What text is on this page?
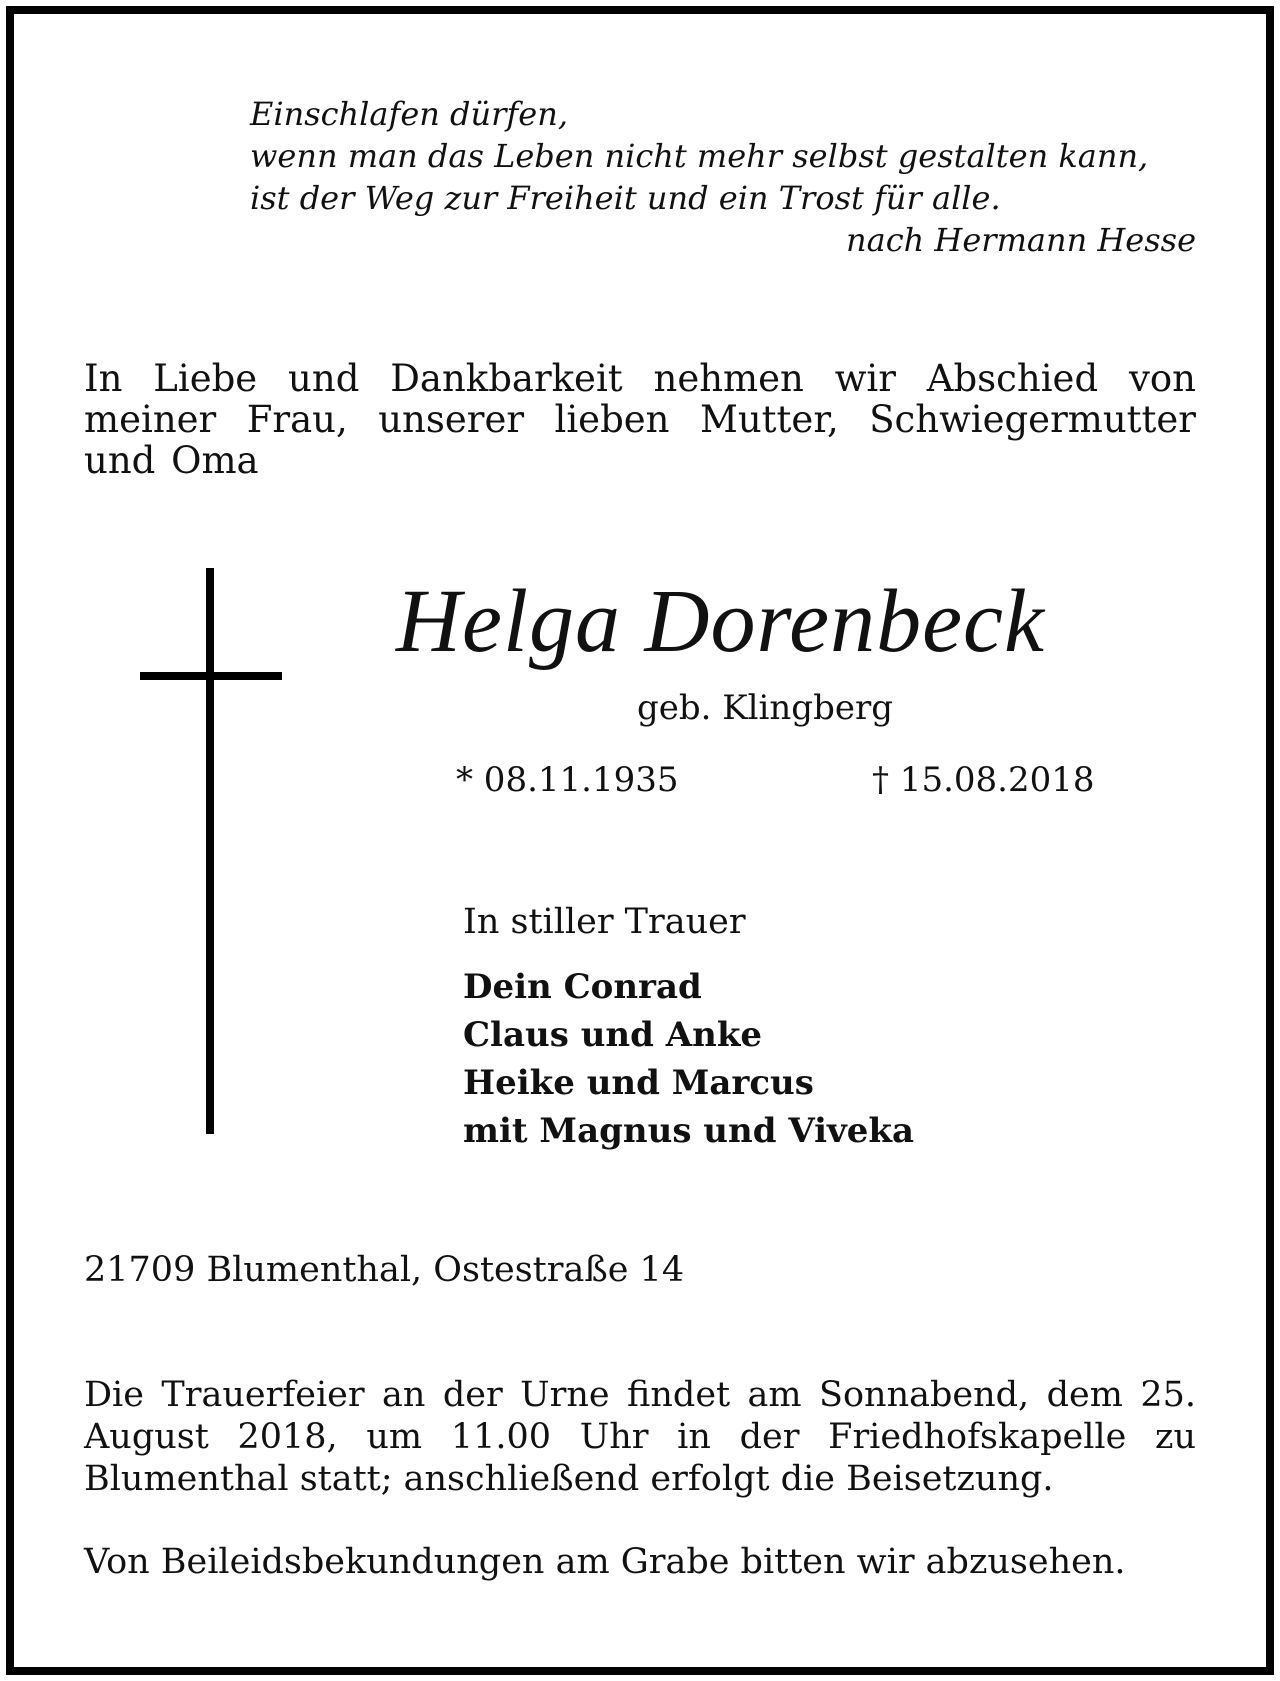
Einschlafen dürfen,
wenn man das Leben nicht mehr selbst gestalten kann,
ist der Weg zur Freiheit und ein Trost für alle.
nach Hermann Hesse
In Liebe und Dankbarkeit nehmen wir Abschied von meiner Frau, unserer lieben Mutter, Schwiegermutter und Oma
Helga Dorenbeck
geb. Klingberg
* 08.11.1935	† 15.08.2018
In stiller Trauer
Dein Conrad
Claus und Anke
Heike und Marcus
mit Magnus und Viveka
21709 Blumenthal, Ostestraße 14
Die Trauerfeier an der Urne findet am Sonnabend, dem 25. August 2018, um 11.00 Uhr in der Friedhofskapelle zu Blumenthal statt; anschließend erfolgt die Beisetzung.
Von Beileidsbekundungen am Grabe bitten wir abzusehen.
